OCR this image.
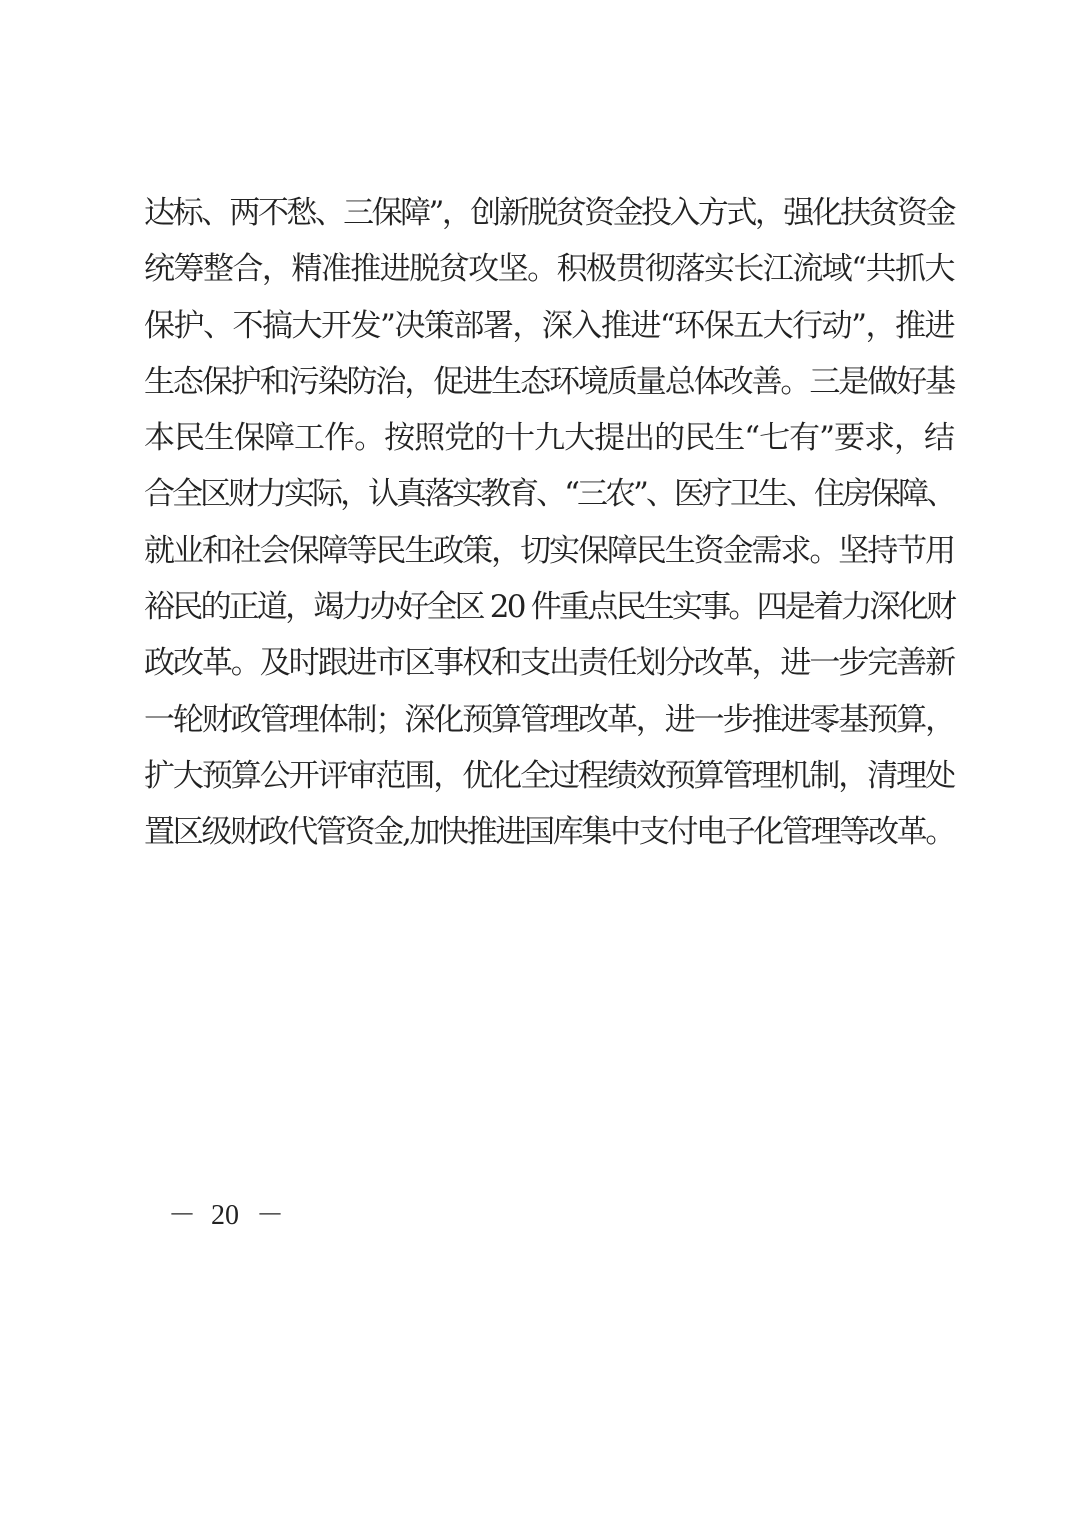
达标、两不愁、三保障”，创新脱贫资金投入方式，强化扶贫资金
统筹整合，精准推进脱贫攻坚。积极贯彻落实长江流域“共抓大
保护、不搞大开发”决策部署，深入推进“环保五大行动”，推进
生态保护和污染防治，促进生态环境质量总体改善。三是做好基
本民生保障工作。按照党的十九大提出的民生“七有”要求，结
合全区财力实际，认真落实教育、“三农”、医疗卫生、住房保障、
就业和社会保障等民生政策，切实保障民生资金需求。坚持节用
裕民的正道，竭力办好全区 20 件重点民生实事。四是着力深化财
政改革。及时跟进市区事权和支出责任划分改革，进一步完善新
一轮财政管理体制；深化预算管理改革，进一步推进零基预算，
扩大预算公开评审范围，优化全过程绩效预算管理机制，清理处
置区级财政代管资金,加快推进国库集中支付电子化管理等改革。
－ 20 －
